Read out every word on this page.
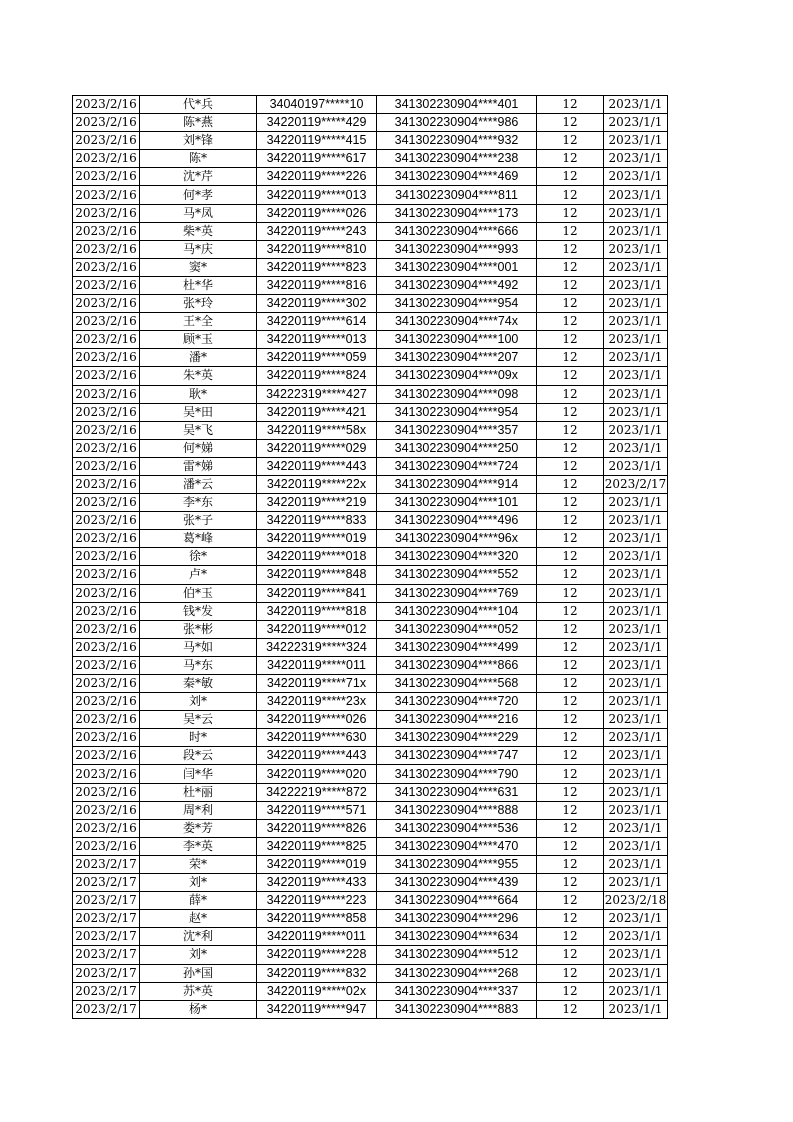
2023/2/16	代*兵	34040197*****10	341302230904****401	12	2023/1/1
2023/2/16	陈*燕	34220119*****429	341302230904****986	12	2023/1/1
2023/2/16	刘*锋	34220119*****415	341302230904****932	12	2023/1/1
2023/2/16	陈*	34220119*****617	341302230904****238	12	2023/1/1
2023/2/16	沈*芹	34220119*****226	341302230904****469	12	2023/1/1
2023/2/16	何*孝	34220119*****013	341302230904****811	12	2023/1/1
2023/2/16	马*凤	34220119*****026	341302230904****173	12	2023/1/1
2023/2/16	柴*英	34220119*****243	341302230904****666	12	2023/1/1
2023/2/16	马*庆	34220119*****810	341302230904****993	12	2023/1/1
2023/2/16	窦*	34220119*****823	341302230904****001	12	2023/1/1
2023/2/16	杜*华	34220119*****816	341302230904****492	12	2023/1/1
2023/2/16	张*玲	34220119*****302	341302230904****954	12	2023/1/1
2023/2/16	王*全	34220119*****614	341302230904****74x	12	2023/1/1
2023/2/16	顾*玉	34220119*****013	341302230904****100	12	2023/1/1
2023/2/16	潘*	34220119*****059	341302230904****207	12	2023/1/1
2023/2/16	朱*英	34220119*****824	341302230904****09x	12	2023/1/1
2023/2/16	耿*	34222319*****427	341302230904****098	12	2023/1/1
2023/2/16	吴*田	34220119*****421	341302230904****954	12	2023/1/1
2023/2/16	吴*飞	34220119*****58x	341302230904****357	12	2023/1/1
2023/2/16	何*娣	34220119*****029	341302230904****250	12	2023/1/1
2023/2/16	雷*娣	34220119*****443	341302230904****724	12	2023/1/1
2023/2/16	潘*云	34220119*****22x	341302230904****914	12	2023/2/17
2023/2/16	李*东	34220119*****219	341302230904****101	12	2023/1/1
2023/2/16	张*子	34220119*****833	341302230904****496	12	2023/1/1
2023/2/16	葛*峰	34220119*****019	341302230904****96x	12	2023/1/1
2023/2/16	徐*	34220119*****018	341302230904****320	12	2023/1/1
2023/2/16	卢*	34220119*****848	341302230904****552	12	2023/1/1
2023/2/16	伯*玉	34220119*****841	341302230904****769	12	2023/1/1
2023/2/16	钱*发	34220119*****818	341302230904****104	12	2023/1/1
2023/2/16	张*彬	34220119*****012	341302230904****052	12	2023/1/1
2023/2/16	马*如	34222319*****324	341302230904****499	12	2023/1/1
2023/2/16	马*东	34220119*****011	341302230904****866	12	2023/1/1
2023/2/16	秦*敏	34220119*****71x	341302230904****568	12	2023/1/1
2023/2/16	刘*	34220119*****23x	341302230904****720	12	2023/1/1
2023/2/16	吴*云	34220119*****026	341302230904****216	12	2023/1/1
2023/2/16	时*	34220119*****630	341302230904****229	12	2023/1/1
2023/2/16	段*云	34220119*****443	341302230904****747	12	2023/1/1
2023/2/16	闫*华	34220119*****020	341302230904****790	12	2023/1/1
2023/2/16	杜*丽	34222219*****872	341302230904****631	12	2023/1/1
2023/2/16	周*利	34220119*****571	341302230904****888	12	2023/1/1
2023/2/16	娄*芳	34220119*****826	341302230904****536	12	2023/1/1
2023/2/16	李*英	34220119*****825	341302230904****470	12	2023/1/1
2023/2/17	荣*	34220119*****019	341302230904****955	12	2023/1/1
2023/2/17	刘*	34220119*****433	341302230904****439	12	2023/1/1
2023/2/17	薛*	34220119*****223	341302230904****664	12	2023/2/18
2023/2/17	赵*	34220119*****858	341302230904****296	12	2023/1/1
2023/2/17	沈*利	34220119*****011	341302230904****634	12	2023/1/1
2023/2/17	刘*	34220119*****228	341302230904****512	12	2023/1/1
2023/2/17	孙*国	34220119*****832	341302230904****268	12	2023/1/1
2023/2/17	苏*英	34220119*****02x	341302230904****337	12	2023/1/1
2023/2/17	杨*	34220119*****947	341302230904****883	12	2023/1/1
